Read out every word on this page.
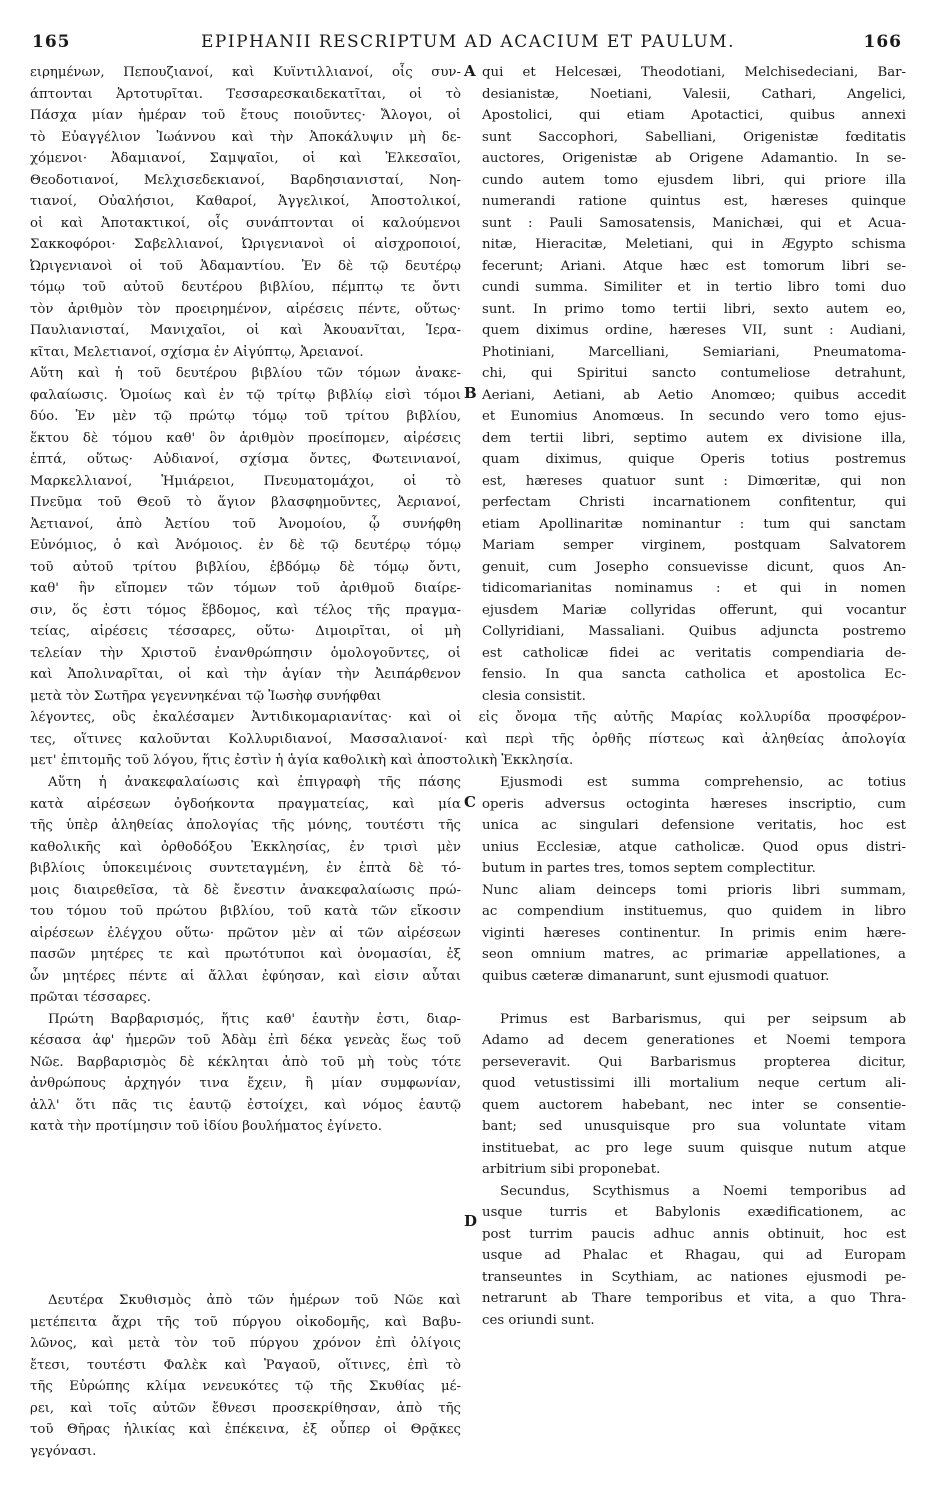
165	EPIPHANII RESCRIPTUM AD ACACIUM ET PAULUM.	166
A
B
C
D
ειρημένων, Πεπουζιανοί, καὶ Κυϊντιλλιανοί, οἷς συν-
άπτονται Ἀρτοτυρῖται. Τεσσαρεσκαιδεκατῖται, οἱ τὸ
Πάσχα μίαν ἡμέραν τοῦ ἔτους ποιοῦντες· Ἄλογοι, οἱ
τὸ Εὐαγγέλιον Ἰωάννου καὶ τὴν Ἀποκάλυψιν μὴ δε-
χόμενοι· Ἀδαμιανοί, Σαμψαῖοι, οἱ καὶ Ἑλκεσαῖοι,
Θεοδοτιανοί, Μελχισεδεκιανοί, Βαρδησιανισταί, Νοη-
τιανοί, Οὐαλήσιοι, Καθαροί, Ἀγγελικοί, Ἀποστολικοί,
οἱ καὶ Ἀποτακτικοί, οἷς συνάπτονται οἱ καλούμενοι
Σακκοφόροι· Σαβελλιανοί, Ὠριγενιανοὶ οἱ αἰσχροποιοί,
Ὠριγενιανοὶ οἱ τοῦ Ἀδαμαντίου. Ἐν δὲ τῷ δευτέρῳ
τόμῳ τοῦ αὐτοῦ δευτέρου βιβλίου, πέμπτῳ τε ὄντι
τὸν ἀριθμὸν τὸν προειρημένον, αἱρέσεις πέντε, οὕτως·
Παυλιανισταί, Μανιχαῖοι, οἱ καὶ Ἀκουανῖται, Ἱερα-
κῖται, Μελετιανοί, σχίσμα ἐν Αἰγύπτῳ, Ἀρειανοί.
Αὕτη καὶ ἡ τοῦ δευτέρου βιβλίου τῶν τόμων ἀνακε-
φαλαίωσις. Ὁμοίως καὶ ἐν τῷ τρίτῳ βιβλίῳ εἰσὶ τόμοι
δύο. Ἐν μὲν τῷ πρώτῳ τόμῳ τοῦ τρίτου βιβλίου,
ἕκτου δὲ τόμου καθ' ὃν ἀριθμὸν προείπομεν, αἱρέσεις
ἑπτά, οὕτως· Αὐδιανοί, σχίσμα ὄντες, Φωτεινιανοί,
Μαρκελλιανοί, Ἡμιάρειοι, Πνευματομάχοι, οἱ τὸ
Πνεῦμα τοῦ Θεοῦ τὸ ἅγιον βλασφημοῦντες, Ἀεριανοί,
Ἀετιανοί, ἀπὸ Ἀετίου τοῦ Ἀνομοίου, ᾧ συνήφθη
Εὐνόμιος, ὁ καὶ Ἀνόμοιος. ἐν δὲ τῷ δευτέρῳ τόμῳ
τοῦ αὐτοῦ τρίτου βιβλίου, ἑβδόμῳ δὲ τόμῳ ὄντι,
καθ' ἣν εἴπομεν τῶν τόμων τοῦ ἀριθμοῦ διαίρε-
σιν, ὅς ἐστι τόμος ἕβδομος, καὶ τέλος τῆς πραγμα-
τείας, αἱρέσεις τέσσαρες, οὕτω· Διμοιρῖται, οἱ μὴ
τελείαν τὴν Χριστοῦ ἐνανθρώπησιν ὁμολογοῦντες, οἱ
καὶ Ἀπολιναρῖται, οἱ καὶ τὴν ἁγίαν τὴν Ἀειπάρθενον
μετὰ τὸν Σωτῆρα γεγεννηκέναι τῷ Ἰωσὴφ συνήφθαι
qui et Helcesæi, Theodotiani, Melchisedeciani, Bar-
desianistæ, Noetiani, Valesii, Cathari, Angelici,
Apostolici, qui etiam Apotactici, quibus annexi
sunt Saccophori, Sabelliani, Origenistæ fœditatis
auctores, Origenistæ ab Origene Adamantio. In se-
cundo autem tomo ejusdem libri, qui priore illa
numerandi ratione quintus est, hæreses quinque
sunt : Pauli Samosatensis, Manichæi, qui et Acua-
nitæ, Hieracitæ, Meletiani, qui in Ægypto schisma
fecerunt; Ariani. Atque hæc est tomorum libri se-
cundi summa. Similiter et in tertio libro tomi duo
sunt. In primo tomo tertii libri, sexto autem eo,
quem diximus ordine, hæreses VII, sunt : Audiani,
Photiniani, Marcelliani, Semiariani, Pneumatoma-
chi, qui Spiritui sancto contumeliose detrahunt,
Aeriani, Aetiani, ab Aetio Anomœo; quibus accedit
et Eunomius Anomœus. In secundo vero tomo ejus-
dem tertii libri, septimo autem ex divisione illa,
quam diximus, quique Operis totius postremus
est, hæreses quatuor sunt : Dimœritæ, qui non
perfectam Christi incarnationem confitentur, qui
etiam Apollinaritæ nominantur : tum qui sanctam
Mariam semper virginem, postquam Salvatorem
genuit, cum Josepho consuevisse dicunt, quos An-
tidicomarianitas nominamus : et qui in nomen
ejusdem Mariæ collyridas offerunt, qui vocantur
Collyridiani, Massaliani. Quibus adjuncta postremo
est catholicæ fidei ac veritatis compendiaria de-
fensio. In qua sancta catholica et apostolica Ec-
clesia consistit.
λέγοντες, οὓς ἐκαλέσαμεν Ἀντιδικομαριανίτας· καὶ οἱ εἰς ὄνομα τῆς αὐτῆς Μαρίας κολλυρίδα προσφέρον-
τες, οἵτινες καλοῦνται Κολλυριδιανοί, Μασσαλιανοί· καὶ περὶ τῆς ὀρθῆς πίστεως καὶ ἀληθείας ἀπολογία
μετ' ἐπιτομῆς τοῦ λόγου, ἥτις ἐστὶν ἡ ἁγία καθολικὴ καὶ ἀποστολικὴ Ἐκκλησία.
Αὕτη ἡ ἀνακεφαλαίωσις καὶ ἐπιγραφὴ τῆς πάσης
κατὰ αἱρέσεων ὀγδοήκοντα πραγματείας, καὶ μία
τῆς ὑπὲρ ἀληθείας ἀπολογίας τῆς μόνης, τουτέστι τῆς
καθολικῆς καὶ ὀρθοδόξου Ἐκκλησίας, ἐν τρισὶ μὲν
βιβλίοις ὑποκειμένοις συντεταγμένη, ἐν ἑπτὰ δὲ τό-
μοις διαιρεθεῖσα, τὰ δὲ ἔνεστιν ἀνακεφαλαίωσις πρώ-
του τόμου τοῦ πρώτου βιβλίου, τοῦ κατὰ τῶν εἴκοσιν
αἱρέσεων ἐλέγχου οὕτω· πρῶτον μὲν αἱ τῶν αἱρέσεων
πασῶν μητέρες τε καὶ πρωτότυποι καὶ ὀνομασίαι, ἐξ
ὧν μητέρες πέντε αἱ ἄλλαι ἐφύησαν, καὶ εἰσιν αὗται
πρῶται τέσσαρες.
Πρώτη Βαρβαρισμός, ἥτις καθ' ἑαυτὴν ἐστι, διαρ-
κέσασα ἀφ' ἡμερῶν τοῦ Ἀδὰμ ἐπὶ δέκα γενεὰς ἕως τοῦ
Νῶε. Βαρβαρισμὸς δὲ κέκληται ἀπὸ τοῦ μὴ τοὺς τότε
ἀνθρώπους ἀρχηγόν τινα ἔχειν, ἢ μίαν συμφωνίαν,
ἀλλ' ὅτι πᾶς τις ἑαυτῷ ἐστοίχει, καὶ νόμος ἑαυτῷ
κατὰ τὴν προτίμησιν τοῦ ἰδίου βουλήματος ἐγίνετο.
Ejusmodi est summa comprehensio, ac totius
operis adversus octoginta hæreses inscriptio, cum
unica ac singulari defensione veritatis, hoc est
unius Ecclesiæ, atque catholicæ. Quod opus distri-
butum in partes tres, tomos septem complectitur.
Nunc aliam deinceps tomi prioris libri summam,
ac compendium instituemus, quo quidem in libro
viginti hæreses continentur. In primis enim hære-
seon omnium matres, ac primariæ appellationes, a
quibus cæteræ dimanarunt, sunt ejusmodi quatuor.

Primus est Barbarismus, qui per seipsum ab
Adamo ad decem generationes et Noemi tempora
perseveravit. Qui Barbarismus propterea dicitur,
quod vetustissimi illi mortalium neque certum ali-
quem auctorem habebant, nec inter se consentie-
bant; sed unusquisque pro sua voluntate vitam
instituebat, ac pro lege suum quisque nutum atque
arbitrium sibi proponebat.
Secundus, Scythismus a Noemi temporibus ad
usque turris et Babylonis exædificationem, ac
post turrim paucis adhuc annis obtinuit, hoc est
usque ad Phalac et Rhagau, qui ad Europam
transeuntes in Scythiam, ac nationes ejusmodi pe-
netrarunt ab Thare temporibus et vita, a quo Thra-
ces oriundi sunt.
Δευτέρα Σκυθισμὸς ἀπὸ τῶν ἡμέρων τοῦ Νῶε καὶ
μετέπειτα ἄχρι τῆς τοῦ πύργου οἰκοδομῆς, καὶ Βαβυ-
λῶνος, καὶ μετὰ τὸν τοῦ πύργου χρόνον ἐπὶ ὀλίγοις
ἔτεσι, τουτέστι Φαλὲκ καὶ Ῥαγαοῦ, οἵτινες, ἐπὶ τὸ
τῆς Εὐρώπης κλίμα νενευκότες τῷ τῆς Σκυθίας μέ-
ρει, καὶ τοῖς αὐτῶν ἔθνεσι προσεκρίθησαν, ἀπὸ τῆς
τοῦ Θῆρας ἡλικίας καὶ ἐπέκεινα, ἐξ οὗπερ οἱ Θρᾷκες
γεγόνασι.
